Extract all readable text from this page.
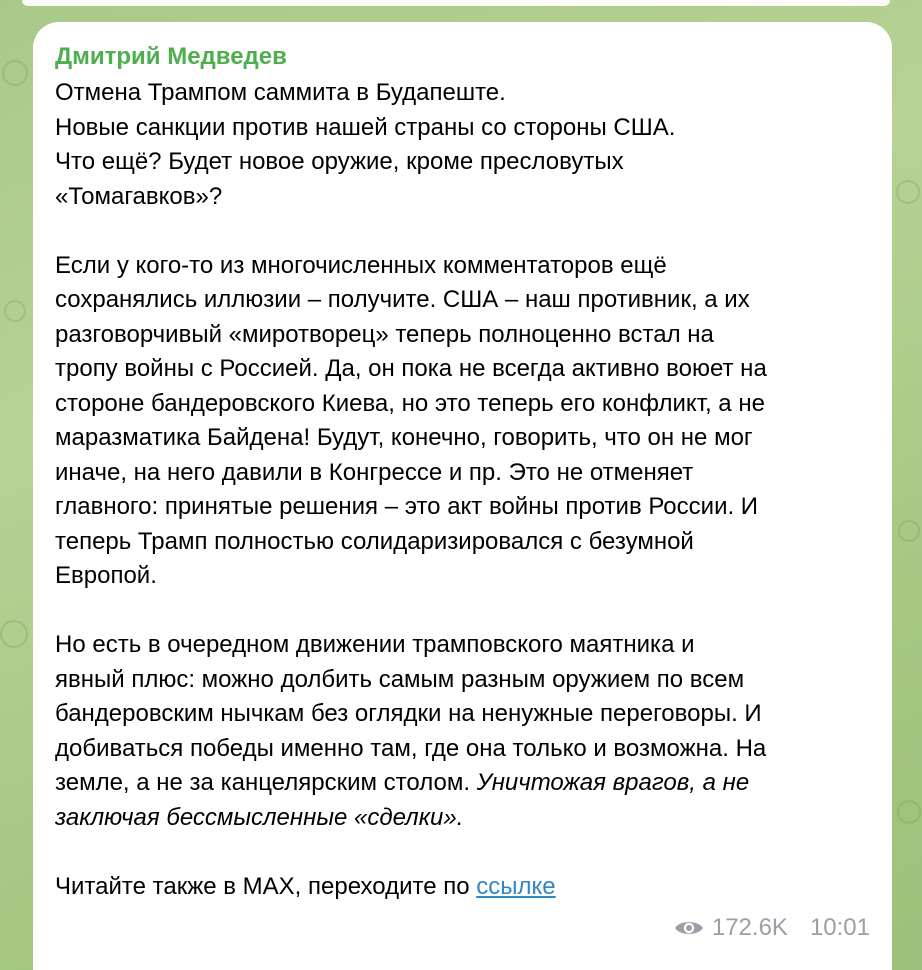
Дмитрий Медведев

Отмена Трампом саммита в Будапеште.
Новые санкции против нашей страны со стороны США.
Что ещё? Будет новое оружие, кроме пресловутых
«Томагавков»?

Если у кого-то из многочисленных комментаторов ещё
сохранялись иллюзии – получите. США – наш противник, а их
разговорчивый «миротворец» теперь полноценно встал на
тропу войны с Россией. Да, он пока не всегда активно воюет на
стороне бандеровского Киева, но это теперь его конфликт, а не
маразматика Байдена! Будут, конечно, говорить, что он не мог
иначе, на него давили в Конгрессе и пр. Это не отменяет
главного: принятые решения – это акт войны против России. И
теперь Трамп полностью солидаризировался с безумной
Европой.

Но есть в очередном движении трамповского маятника и
явный плюс: можно долбить самым разным оружием по всем
бандеровским нычкам без оглядки на ненужные переговоры. И
добиваться победы именно там, где она только и возможна. На
земле, а не за канцелярским столом. Уничтожая врагов, а не
заключая бессмысленные «сделки».

Читайте также в MAX, переходите по ссылке

172.6K 10:01
